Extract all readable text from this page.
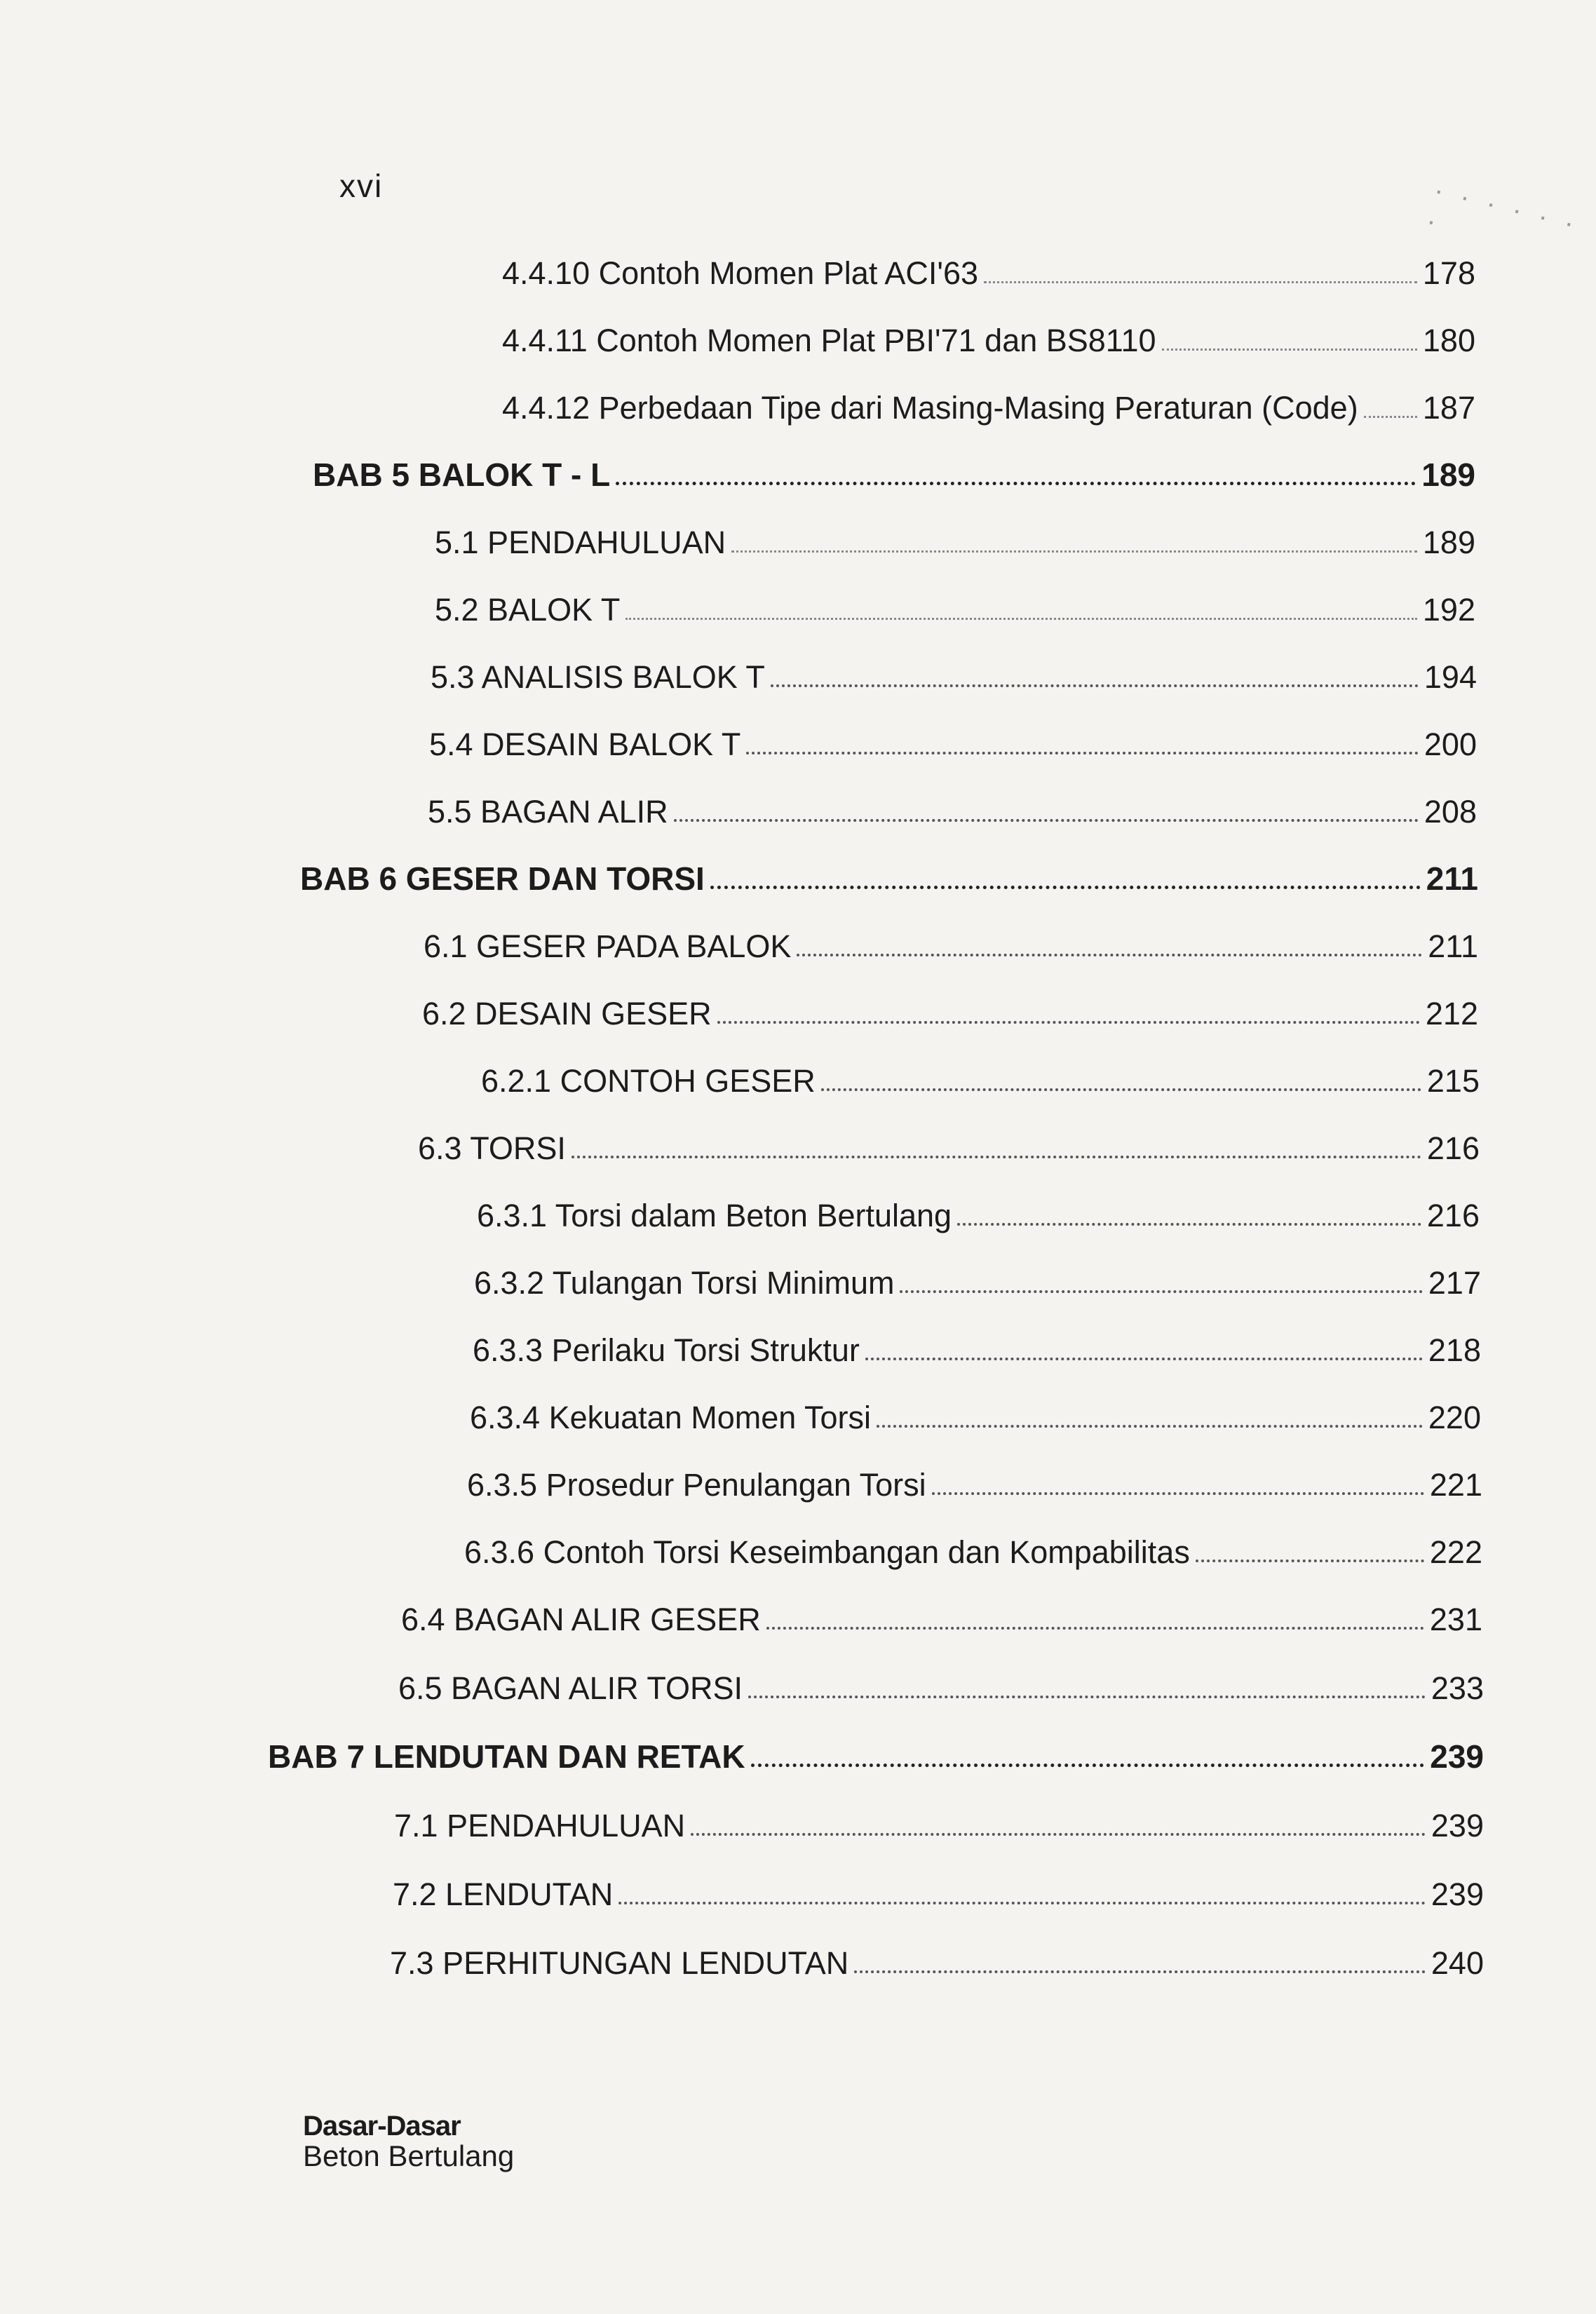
xvi	. . . . . . .
4.4.10 Contoh Momen Plat ACI'63	178
4.4.11 Contoh Momen Plat PBI'71 dan BS8110	180
4.4.12 Perbedaan Tipe dari Masing-Masing Peraturan (Code) 187
BAB 5 BALOK T - L	189
5.1 PENDAHULUAN	189
5.2 BALOK T	192
5.3 ANALISIS BALOK T	194
5.4 DESAIN BALOK T	200
5.5 BAGAN ALIR	208
BAB 6 GESER DAN TORSI	211
6.1 GESER PADA BALOK	211
6.2 DESAIN GESER	212
6.2.1 CONTOH GESER	215
6.3 TORSI	216
6.3.1 Torsi dalam Beton Bertulang	216
6.3.2 Tulangan Torsi Minimum	217
6.3.3 Perilaku Torsi Struktur	218
6.3.4 Kekuatan Momen Torsi	220
6.3.5 Prosedur Penulangan Torsi	221
6.3.6 Contoh Torsi Keseimbangan dan Kompabilitas	222
6.4 BAGAN ALIR GESER	231
6.5 BAGAN ALIR TORSI	233
BAB 7 LENDUTAN DAN RETAK	239
7.1 PENDAHULUAN	239
7.2 LENDUTAN	239
7.3 PERHITUNGAN LENDUTAN	240
Dasar-Dasar
Beton Bertulang
